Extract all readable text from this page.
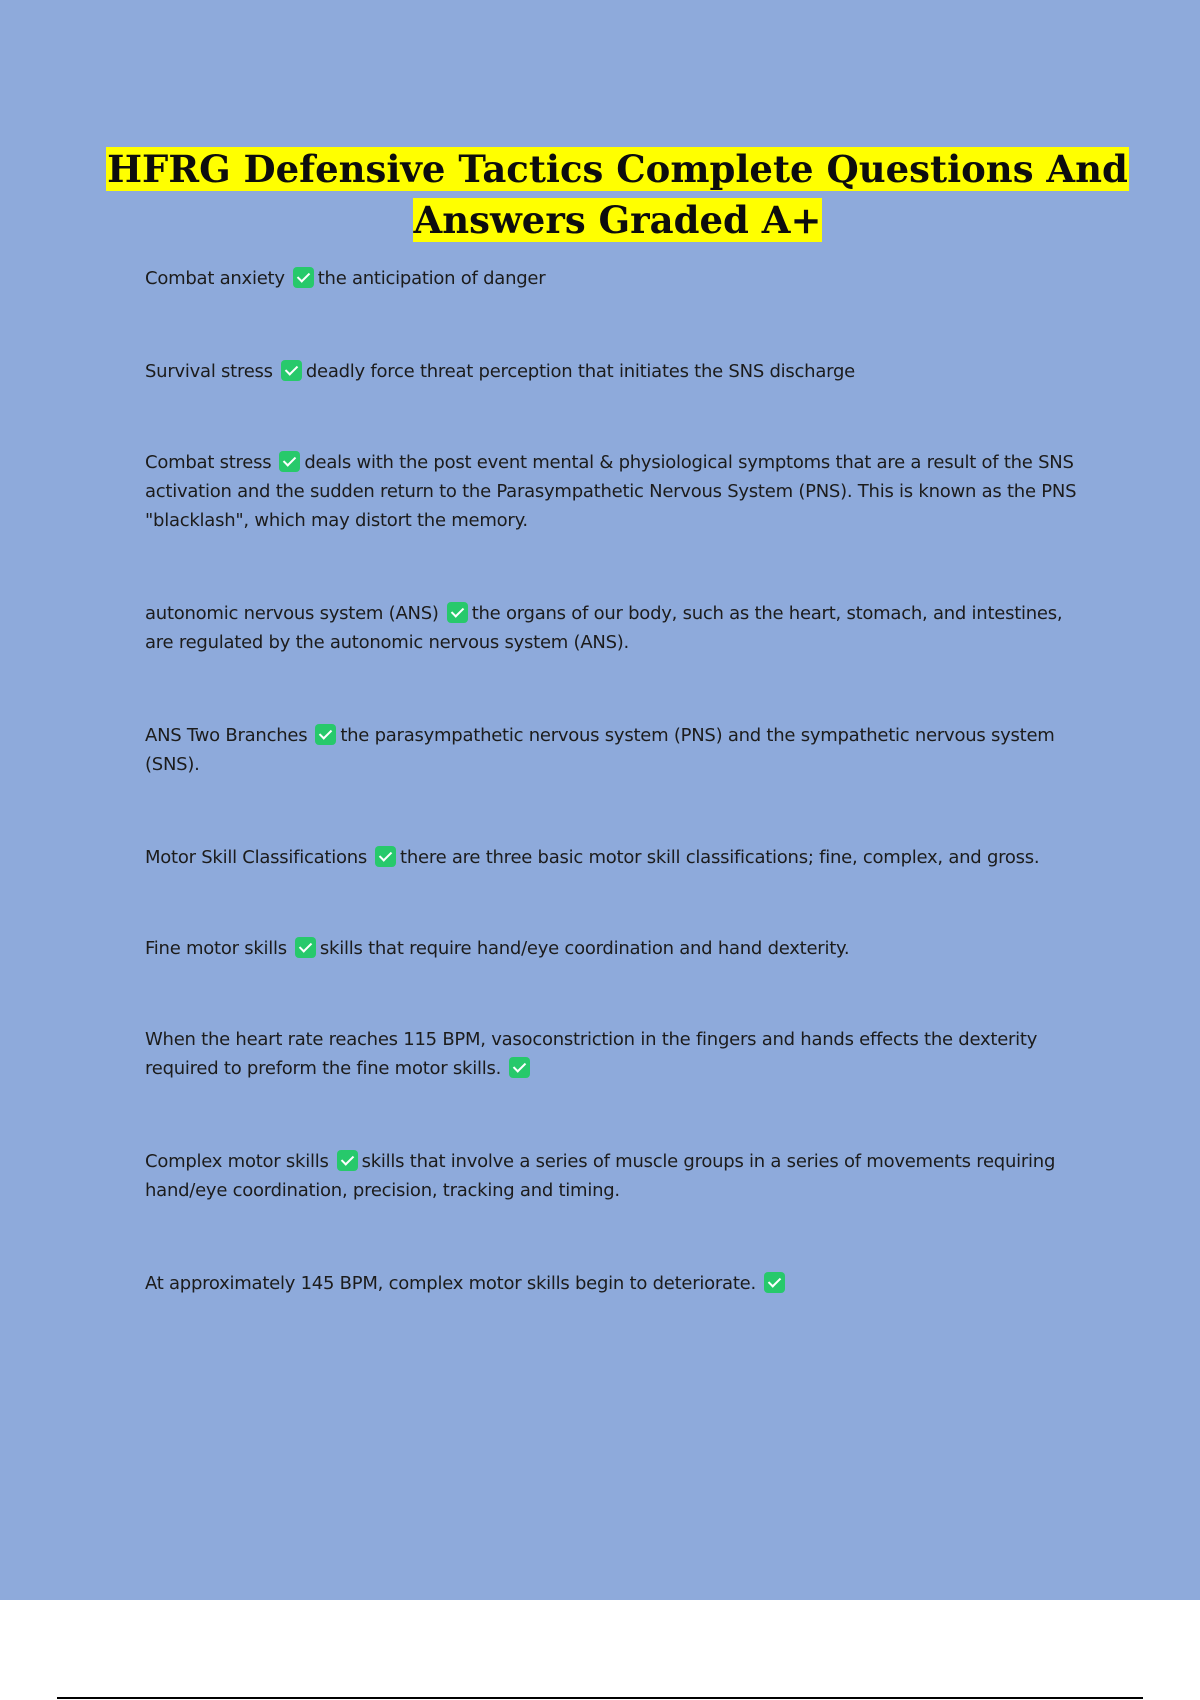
HFRG Defensive Tactics Complete Questions And
Answers Graded A+

Combat anxiety the anticipation of danger

Survival stress deadly force threat perception that initiates the SNS discharge

Combat stress deals with the post event mental & physiological symptoms that are a result of the SNS activation and the sudden return to the Parasympathetic Nervous System (PNS). This is known as the PNS "blacklash", which may distort the memory.

autonomic nervous system (ANS) the organs of our body, such as the heart, stomach, and intestines, are regulated by the autonomic nervous system (ANS).

ANS Two Branches the parasympathetic nervous system (PNS) and the sympathetic nervous system (SNS).

Motor Skill Classifications there are three basic motor skill classifications; fine, complex, and gross.

Fine motor skills skills that require hand/eye coordination and hand dexterity.

When the heart rate reaches 115 BPM, vasoconstriction in the fingers and hands effects the dexterity required to preform the fine motor skills.

Complex motor skills skills that involve a series of muscle groups in a series of movements requiring hand/eye coordination, precision, tracking and timing.

At approximately 145 BPM, complex motor skills begin to deteriorate.
